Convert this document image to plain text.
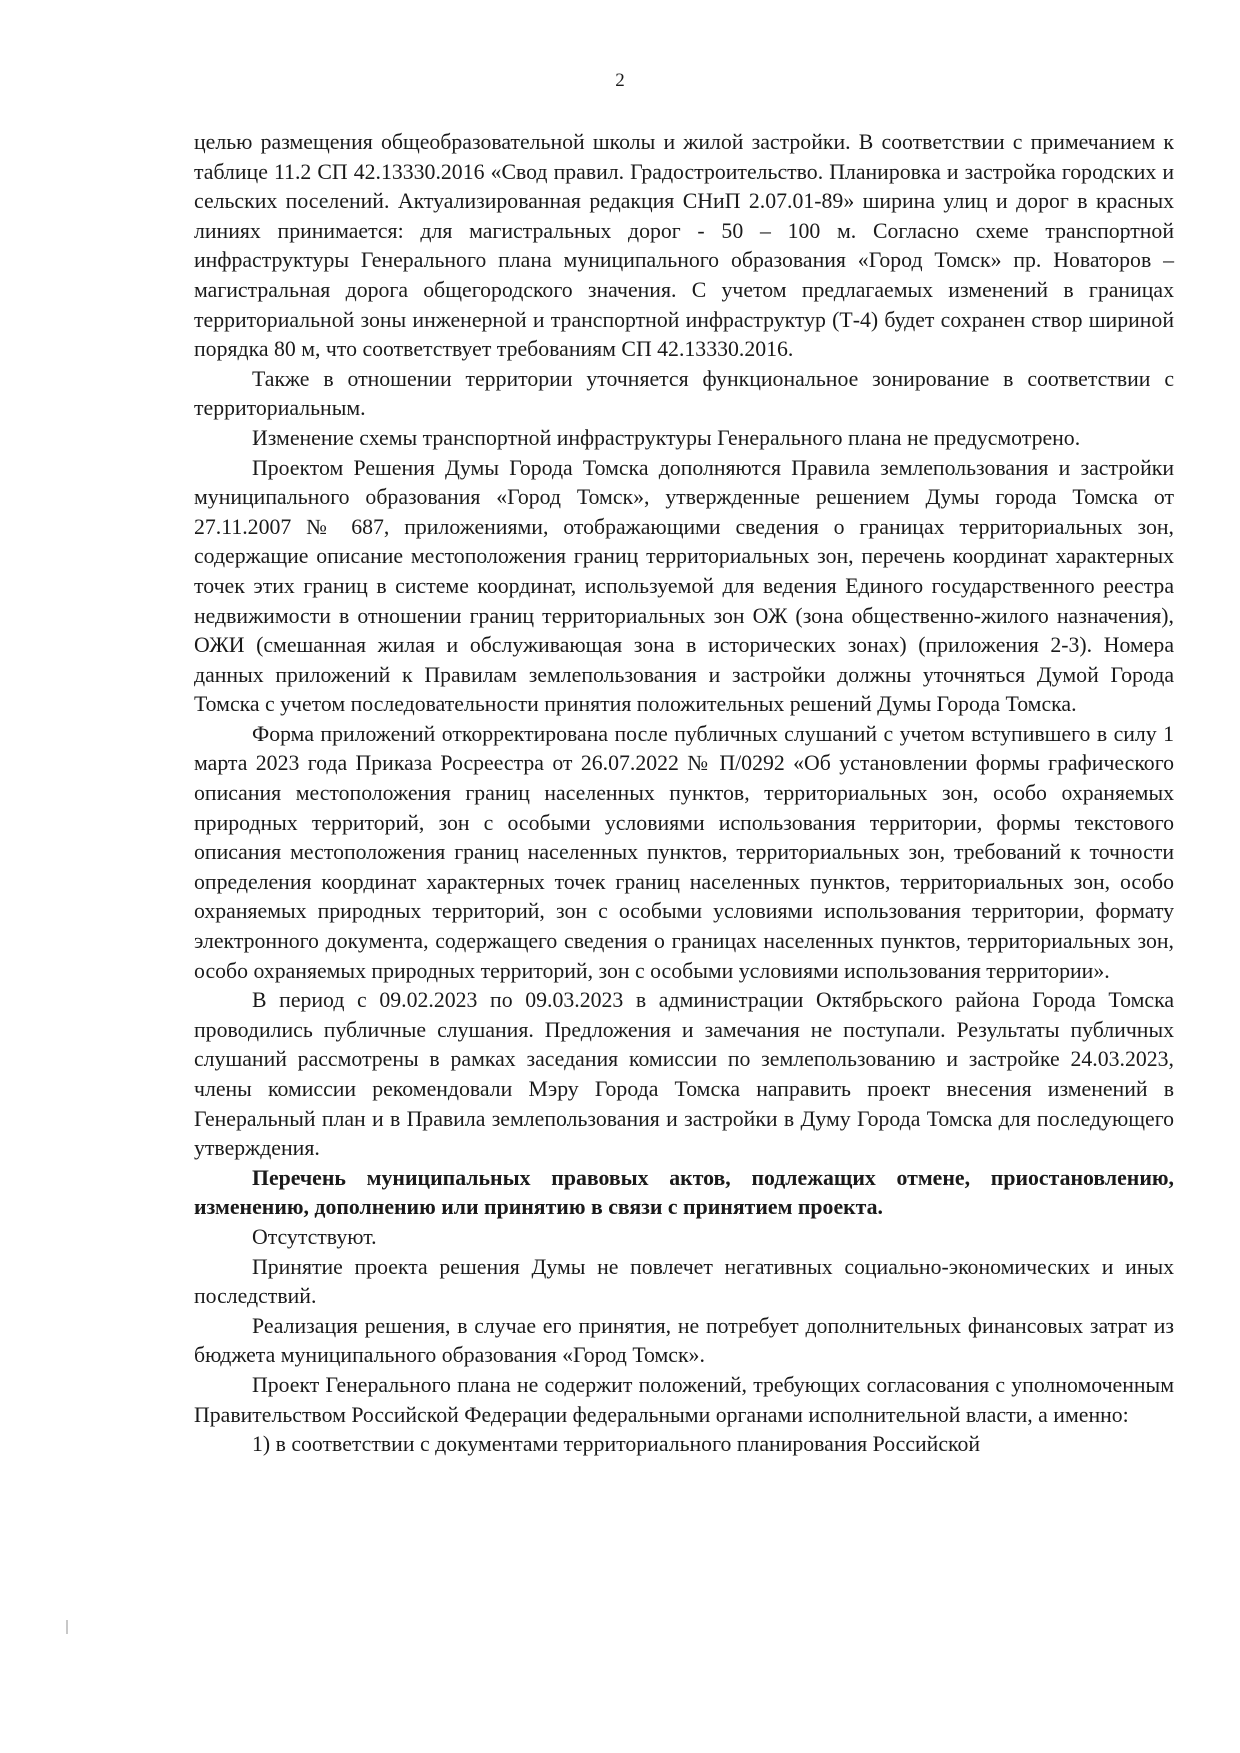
2

целью размещения общеобразовательной школы и жилой застройки. В соответствии с примечанием к таблице 11.2 СП 42.13330.2016 «Свод правил. Градостроительство. Планировка и застройка городских и сельских поселений. Актуализированная редакция СНиП 2.07.01-89» ширина улиц и дорог в красных линиях принимается: для магистральных дорог - 50 – 100 м. Согласно схеме транспортной инфраструктуры Генерального плана муниципального образования «Город Томск» пр. Новаторов – магистральная дорога общегородского значения. С учетом предлагаемых изменений в границах территориальной зоны инженерной и транспортной инфраструктур (Т-4) будет сохранен створ шириной порядка 80 м, что соответствует требованиям СП 42.13330.2016.

Также в отношении территории уточняется функциональное зонирование в соответствии с территориальным.

Изменение схемы транспортной инфраструктуры Генерального плана не предусмотрено.

Проектом Решения Думы Города Томска дополняются Правила землепользования и застройки муниципального образования «Город Томск», утвержденные решением Думы города Томска от 27.11.2007 № 687, приложениями, отображающими сведения о границах территориальных зон, содержащие описание местоположения границ территориальных зон, перечень координат характерных точек этих границ в системе координат, используемой для ведения Единого государственного реестра недвижимости в отношении границ территориальных зон ОЖ (зона общественно-жилого назначения), ОЖИ (смешанная жилая и обслуживающая зона в исторических зонах) (приложения 2-3). Номера данных приложений к Правилам землепользования и застройки должны уточняться Думой Города Томска с учетом последовательности принятия положительных решений Думы Города Томска.

Форма приложений откорректирована после публичных слушаний с учетом вступившего в силу 1 марта 2023 года Приказа Росреестра от 26.07.2022 № П/0292 «Об установлении формы графического описания местоположения границ населенных пунктов, территориальных зон, особо охраняемых природных территорий, зон с особыми условиями использования территории, формы текстового описания местоположения границ населенных пунктов, территориальных зон, требований к точности определения координат характерных точек границ населенных пунктов, территориальных зон, особо охраняемых природных территорий, зон с особыми условиями использования территории, формату электронного документа, содержащего сведения о границах населенных пунктов, территориальных зон, особо охраняемых природных территорий, зон с особыми условиями использования территории».

В период с 09.02.2023 по 09.03.2023 в администрации Октябрьского района Города Томска проводились публичные слушания. Предложения и замечания не поступали. Результаты публичных слушаний рассмотрены в рамках заседания комиссии по землепользованию и застройке 24.03.2023, члены комиссии рекомендовали Мэру Города Томска направить проект внесения изменений в Генеральный план и в Правила землепользования и застройки в Думу Города Томска для последующего утверждения.

Перечень муниципальных правовых актов, подлежащих отмене, приостановлению, изменению, дополнению или принятию в связи с принятием проекта.

Отсутствуют.

Принятие проекта решения Думы не повлечет негативных социально-экономических и иных последствий.

Реализация решения, в случае его принятия, не потребует дополнительных финансовых затрат из бюджета муниципального образования «Город Томск».

Проект Генерального плана не содержит положений, требующих согласования с уполномоченным Правительством Российской Федерации федеральными органами исполнительной власти, а именно:

1) в соответствии с документами территориального планирования Российской
